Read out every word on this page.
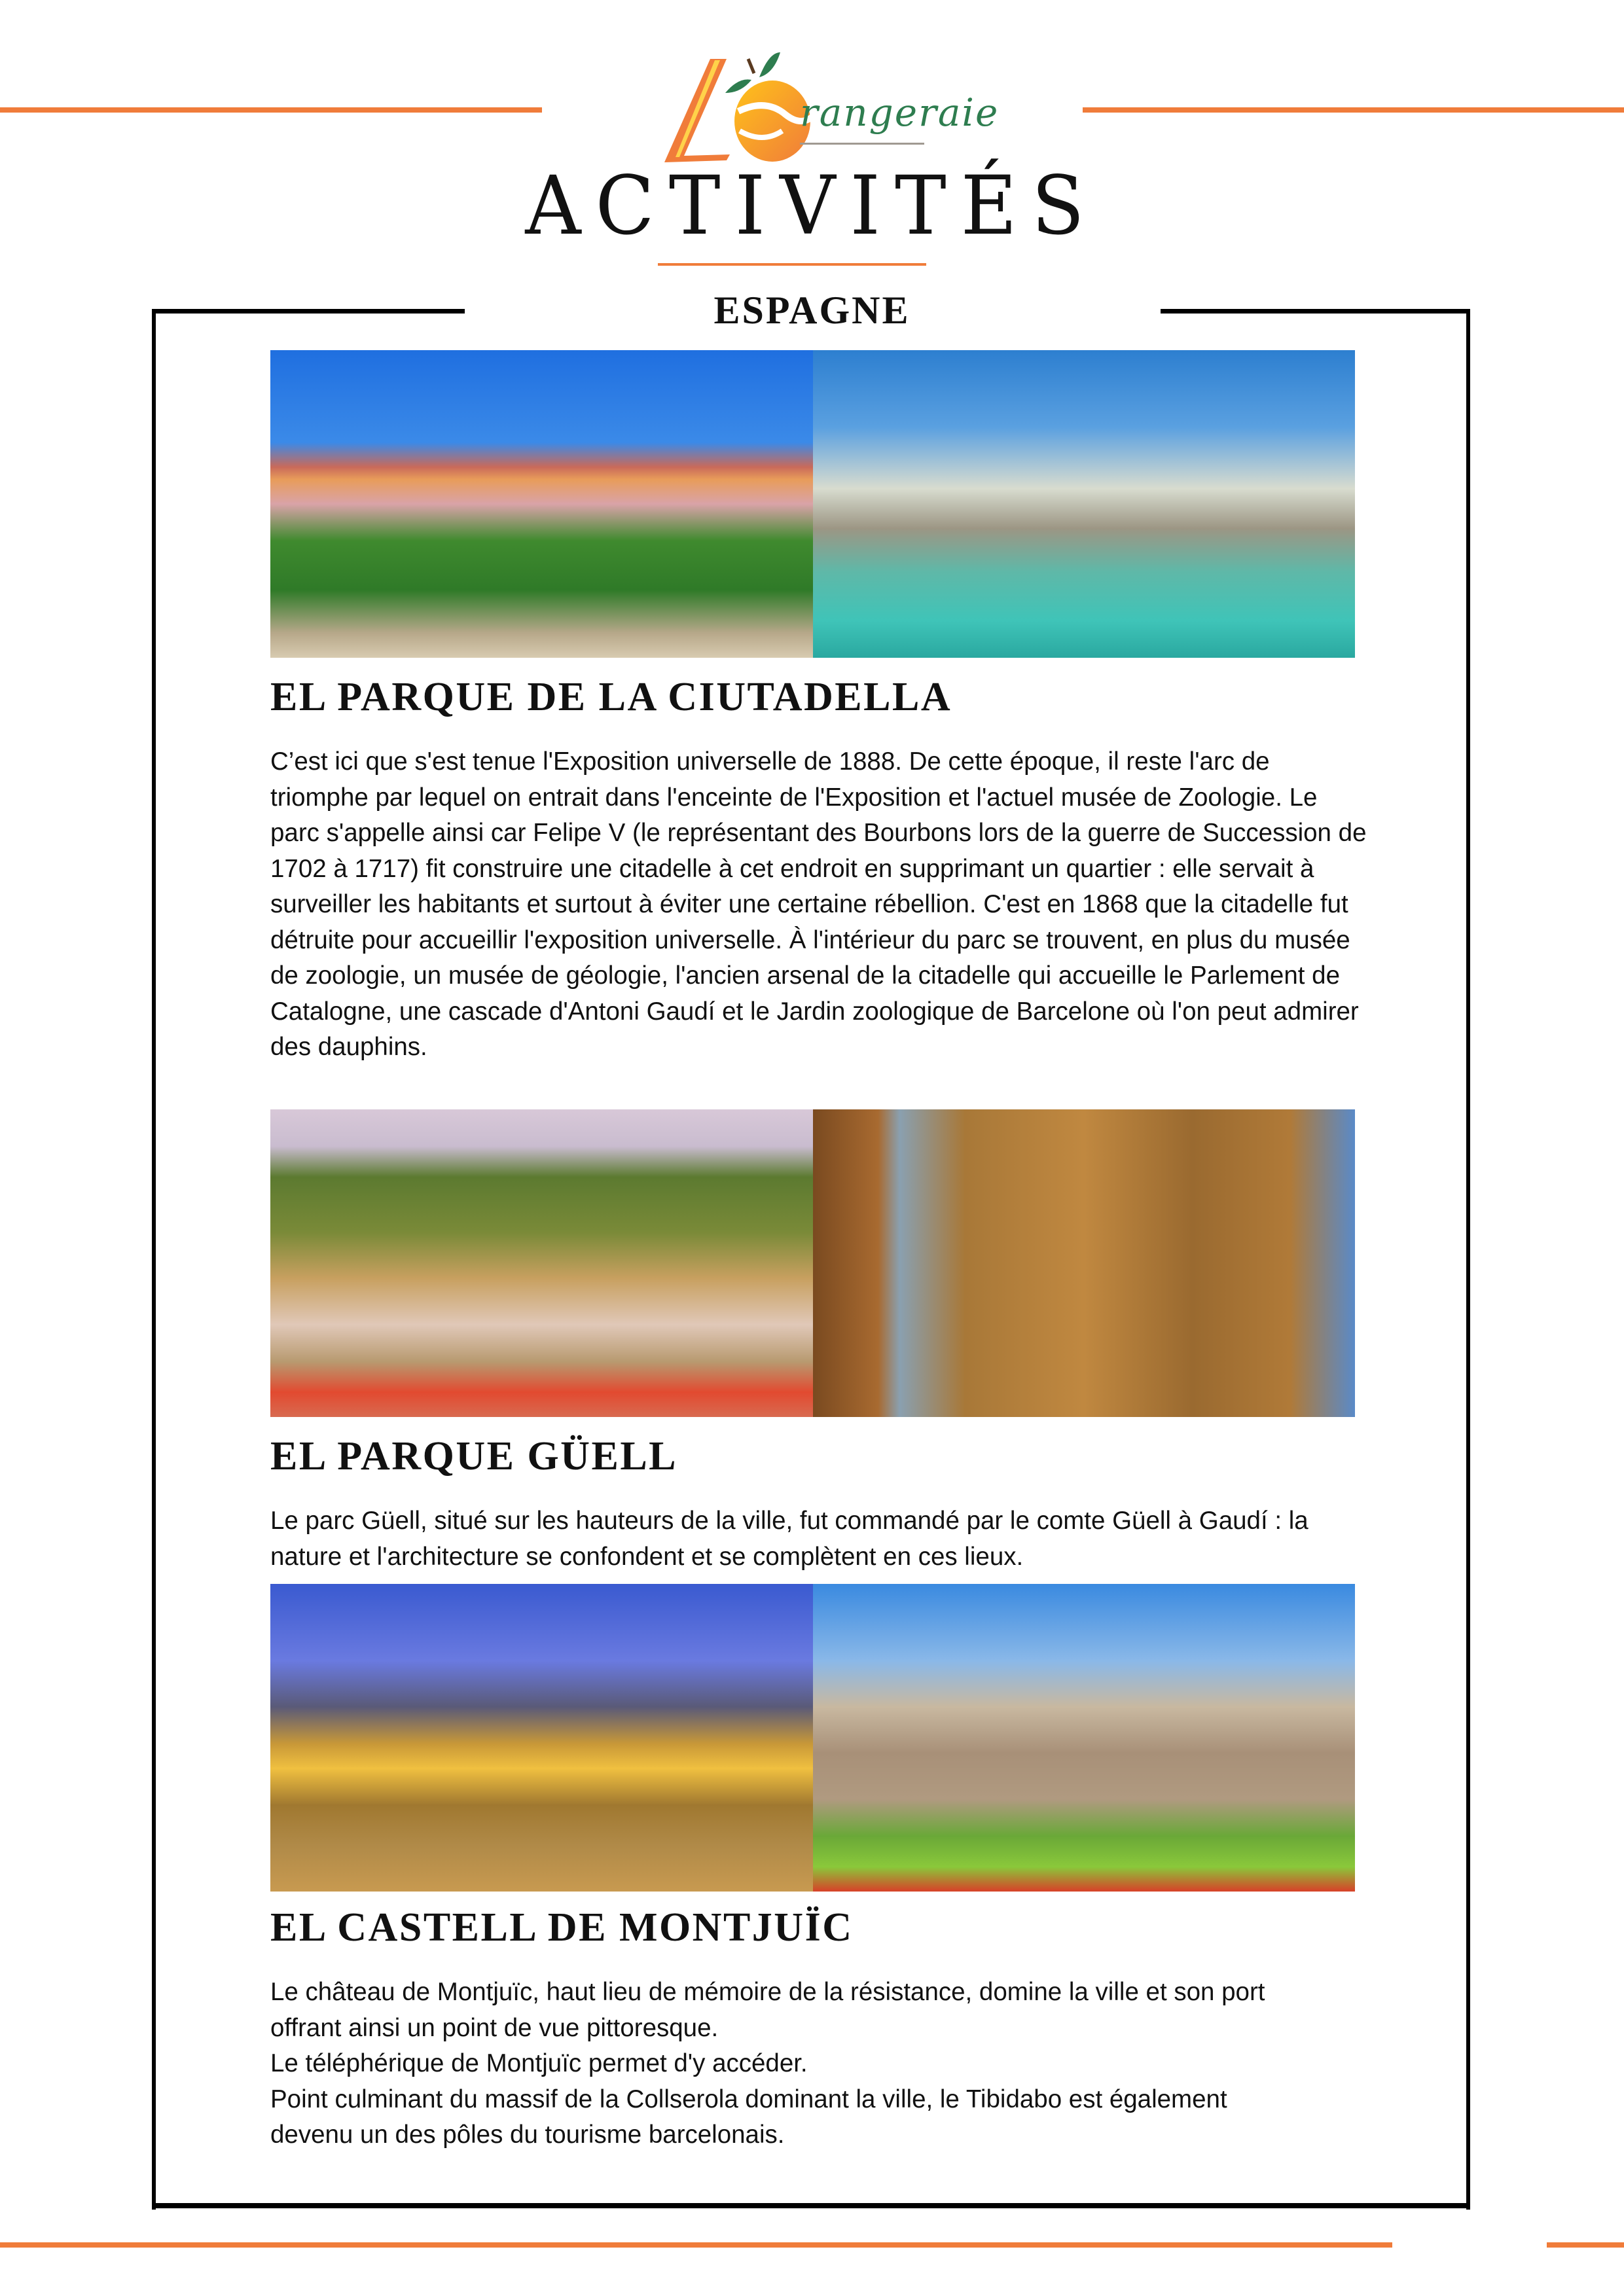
rangeraie
ACTIVITÉS
ESPAGNE
EL PARQUE DE LA CIUTADELLA

C’est ici que s'est tenue l'Exposition universelle de 1888. De cette époque, il reste l'arc de triomphe par lequel on entrait dans l'enceinte de l'Exposition et l'actuel musée de Zoologie. Le parc s'appelle ainsi car Felipe V (le représentant des Bourbons lors de la guerre de Succession de 1702 à 1717) fit construire une citadelle à cet endroit en supprimant un quartier : elle servait à surveiller les habitants et surtout à éviter une certaine rébellion. C'est en 1868 que la citadelle fut détruite pour accueillir l'exposition universelle. À l'intérieur du parc se trouvent, en plus du musée de zoologie, un musée de géologie, l'ancien arsenal de la citadelle qui accueille le Parlement de Catalogne, une cascade d'Antoni Gaudí et le Jardin zoologique de Barcelone où l'on peut admirer des dauphins.

EL PARQUE GÜELL

Le parc Güell, situé sur les hauteurs de la ville, fut commandé par le comte Güell à Gaudí : la nature et l'architecture se confondent et se complètent en ces lieux.

EL CASTELL DE MONTJUÏC

Le château de Montjuïc, haut lieu de mémoire de la résistance, domine la ville et son port offrant ainsi un point de vue pittoresque.

Le téléphérique de Montjuïc permet d'y accéder.

Point culminant du massif de la Collserola dominant la ville, le Tibidabo est également devenu un des pôles du tourisme barcelonais.
